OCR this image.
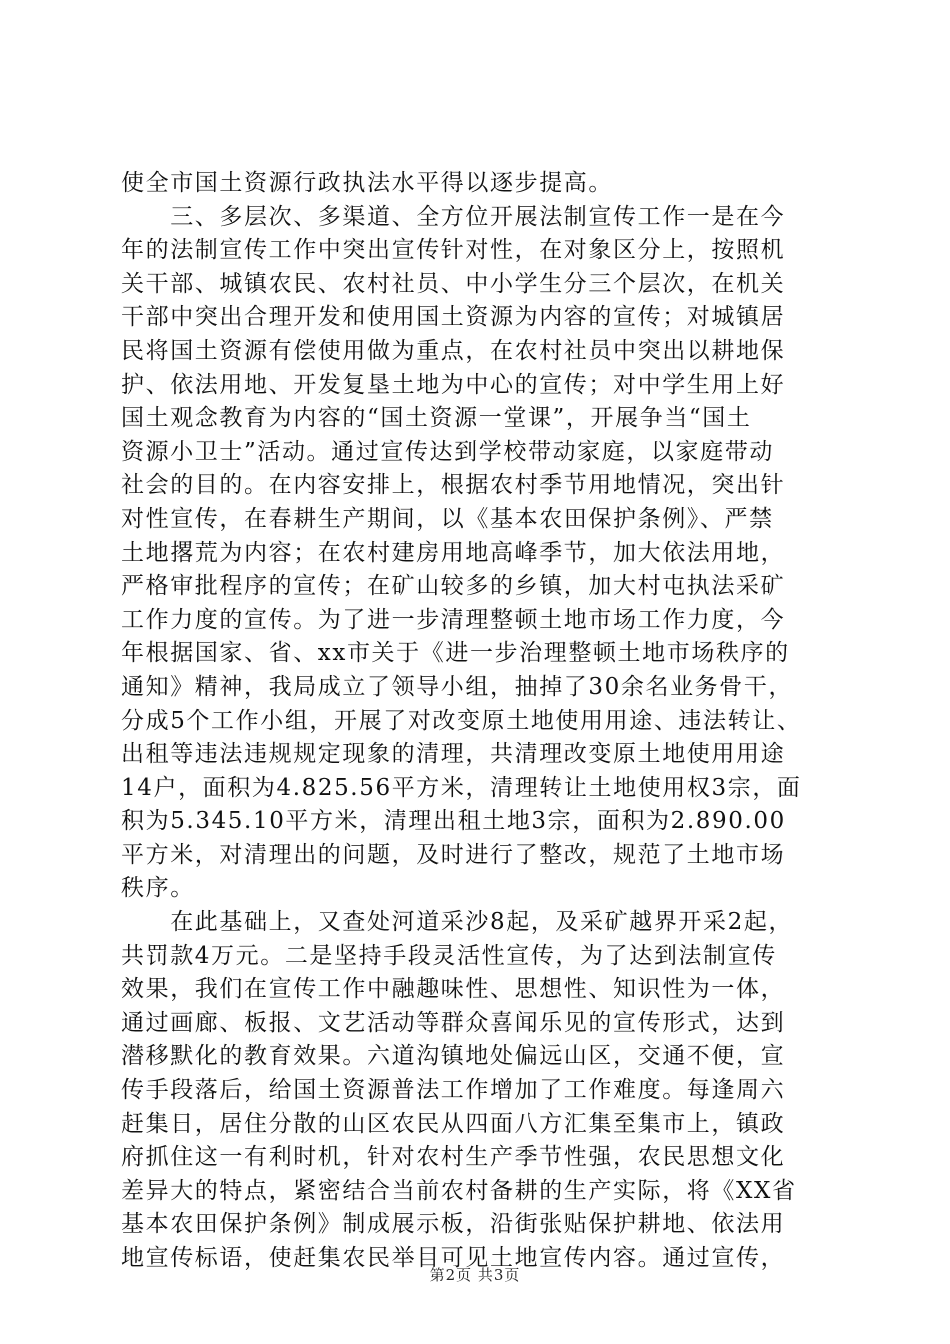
使全市国土资源行政执法水平得以逐步提高。
　　三、多层次、多渠道、全方位开展法制宣传工作一是在今
年的法制宣传工作中突出宣传针对性，在对象区分上，按照机
关干部、城镇农民、农村社员、中小学生分三个层次，在机关
干部中突出合理开发和使用国土资源为内容的宣传；对城镇居
民将国土资源有偿使用做为重点，在农村社员中突出以耕地保
护、依法用地、开发复垦土地为中心的宣传；对中学生用上好
国土观念教育为内容的“国土资源一堂课”，开展争当“国土
资源小卫士”活动。通过宣传达到学校带动家庭，以家庭带动
社会的目的。在内容安排上，根据农村季节用地情况，突出针
对性宣传，在春耕生产期间，以《基本农田保护条例》、严禁
土地撂荒为内容；在农村建房用地高峰季节，加大依法用地，
严格审批程序的宣传；在矿山较多的乡镇，加大村屯执法采矿
工作力度的宣传。为了进一步清理整顿土地市场工作力度，今
年根据国家、省、xx市关于《进一步治理整顿土地市场秩序的
通知》精神，我局成立了领导小组，抽掉了30余名业务骨干，
分成5个工作小组，开展了对改变原土地使用用途、违法转让、
出租等违法违规规定现象的清理，共清理改变原土地使用用途
14户，面积为4.825.56平方米，清理转让土地使用权3宗，面
积为5.345.10平方米，清理出租土地3宗，面积为2.890.00
平方米，对清理出的问题，及时进行了整改，规范了土地市场
秩序。
　　在此基础上，又查处河道采沙8起，及采矿越界开采2起，
共罚款4万元。二是坚持手段灵活性宣传，为了达到法制宣传
效果，我们在宣传工作中融趣味性、思想性、知识性为一体，
通过画廊、板报、文艺活动等群众喜闻乐见的宣传形式，达到
潜移默化的教育效果。六道沟镇地处偏远山区，交通不便，宣
传手段落后，给国土资源普法工作增加了工作难度。每逢周六
赶集日，居住分散的山区农民从四面八方汇集至集市上，镇政
府抓住这一有利时机，针对农村生产季节性强，农民思想文化
差异大的特点，紧密结合当前农村备耕的生产实际，将《XX省
基本农田保护条例》制成展示板，沿街张贴保护耕地、依法用
地宣传标语，使赶集农民举目可见土地宣传内容。通过宣传，
第2页 共3页
